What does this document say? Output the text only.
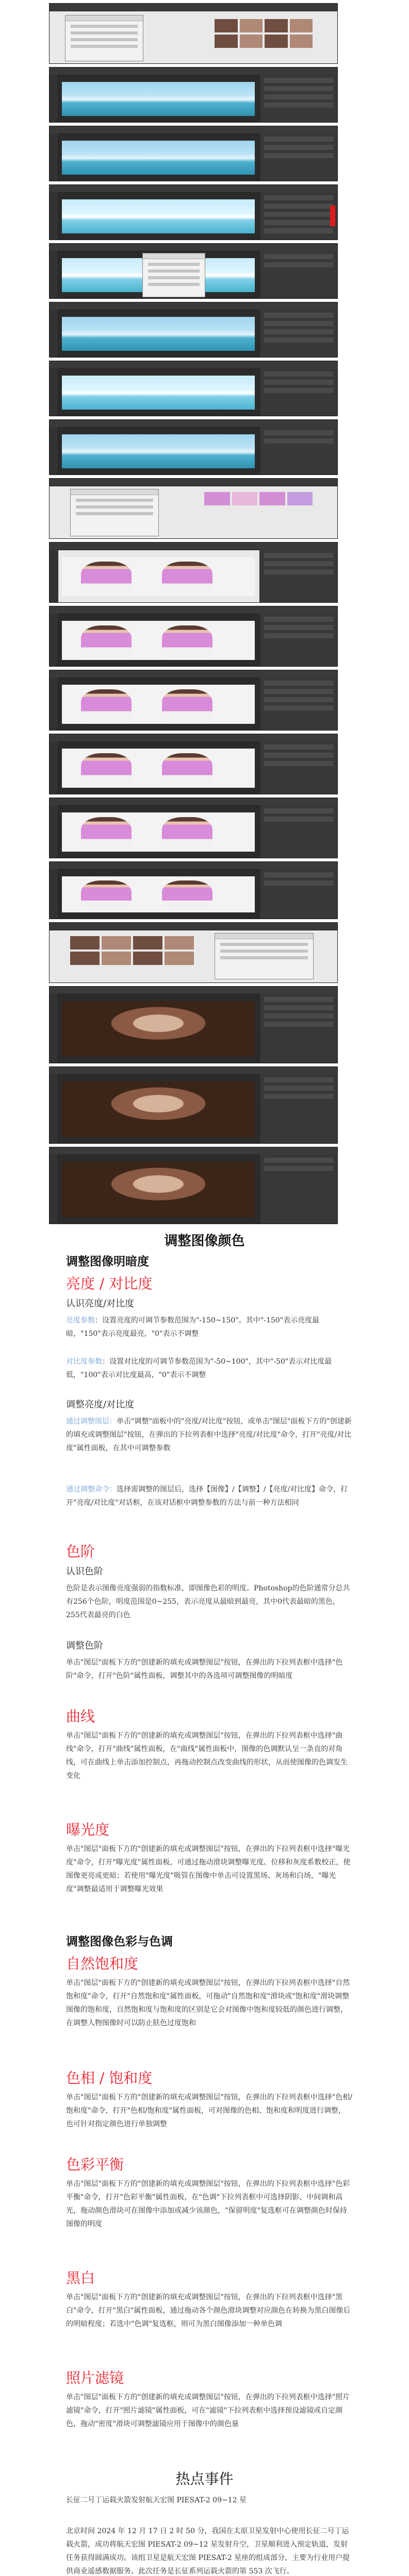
调整图像颜色
调整图像明暗度
亮度 / 对比度
认识亮度/对比度

亮度参数：设置亮度的可调节参数范围为"-150~150"。其中"-150"表示亮度最暗，"150"表示亮度最亮，"0"表示不调整

对比度参数：设置对比度的可调节参数范围为"-50~100"，其中"-50"表示对比度最低，"100"表示对比度最高，"0"表示不调整

调整亮度/对比度

通过调整图层：单击"调整"面板中的"亮度/对比度"按钮，或单击"图层"面板下方的"创建新的填充或调整图层"按钮，在弹出的下拉列表框中选择"亮度/对比度"命令，打开"亮度/对比度"属性面板，在其中可调整参数

通过调整命令：选择需调整的图层后，选择【图像】/【调整】/【亮度/对比度】命令，打开"亮度/对比度"对话框，在该对话框中调整参数的方法与前一种方法相同

色阶
认识色阶

色阶是表示图像亮度强弱的指数标准，即图像色彩的明度。Photoshop的色阶通常分总共有256个色阶，明度范围是0~255，表示亮度从最暗到最亮，其中0代表最暗的黑色，255代表最亮的白色

调整色阶

单击"图层"面板下方的"创建新的填充或调整图层"按钮，在弹出的下拉列表框中选择"色阶"命令，打开"色阶"属性面板，调整其中的各选项可调整图像的明暗度

曲线

单击"图层"面板下方的"创建新的填充或调整图层"按钮，在弹出的下拉列表框中选择"曲线"命令，打开"曲线"属性面板，在"曲线"属性面板中，图像的色调默认呈一条直的对角线，可在曲线上单击添加控制点，再拖动控制点改变曲线的形状，从而使图像的色调发生变化

曝光度

单击"图层"面板下方的"创建新的填充或调整图层"按钮，在弹出的下拉列表框中选择"曝光度"命令，打开"曝光度"属性面板，可通过拖动滑块调整曝光度、位移和灰度系数校正，使图像更亮或更暗；若使用"曝光度"吸管在图像中单击可设置黑场、灰场和白场，"曝光度"调整最适用于调整曝光效果

调整图像色彩与色调
自然饱和度

单击"图层"面板下方的"创建新的填充或调整图层"按钮，在弹出的下拉列表框中选择"自然饱和度"命令，打开"自然饱和度"属性面板，可拖动"自然饱和度"滑块或"饱和度"滑块调整图像的饱和度，自然饱和度与饱和度的区别是它会对图像中饱和度较低的颜色进行调整，在调整人物图像时可以防止肤色过度饱和

色相 / 饱和度

单击"图层"面板下方的"创建新的填充或调整图层"按钮，在弹出的下拉列表框中选择"色相/饱和度"命令，打开"色相/饱和度"属性面板，可对图像的色相、饱和度和明度进行调整，也可针对指定颜色进行单独调整

色彩平衡

单击"图层"面板下方的"创建新的填充或调整图层"按钮，在弹出的下拉列表框中选择"色彩平衡"命令，打开"色彩平衡"属性面板，在"色调"下拉列表框中可选择阴影、中间调和高光，拖动颜色滑块可在图像中添加或减少该颜色，"保留明度"复选框可在调整颜色时保持图像的明度

黑白

单击"图层"面板下方的"创建新的填充或调整图层"按钮，在弹出的下拉列表框中选择"黑白"命令，打开"黑白"属性面板，通过拖动各个颜色滑块调整对应颜色在转换为黑白图像后的明暗程度；若选中"色调"复选框，则可为黑白图像添加一种单色调

照片滤镜

单击"图层"面板下方的"创建新的填充或调整图层"按钮，在弹出的下拉列表框中选择"照片滤镜"命令，打开"照片滤镜"属性面板，可在"滤镜"下拉列表框中选择预设滤镜或自定颜色，拖动"密度"滑块可调整滤镜应用于图像中的颜色量

热点事件

长征二号丁运载火箭发射航天宏图 PIESAT-2 09~12 星

北京时间 2024 年 12 月 17 日 2 时 50 分，我国在太原卫星发射中心使用长征二号丁运载火箭，成功将航天宏图 PIESAT-2 09~12 星发射升空，卫星顺利进入预定轨道，发射任务获得圆满成功。该组卫星是航天宏图 PIESAT-2 星座的组成部分，主要为行业用户提供商业遥感数据服务。此次任务是长征系列运载火箭的第 553 次飞行。
